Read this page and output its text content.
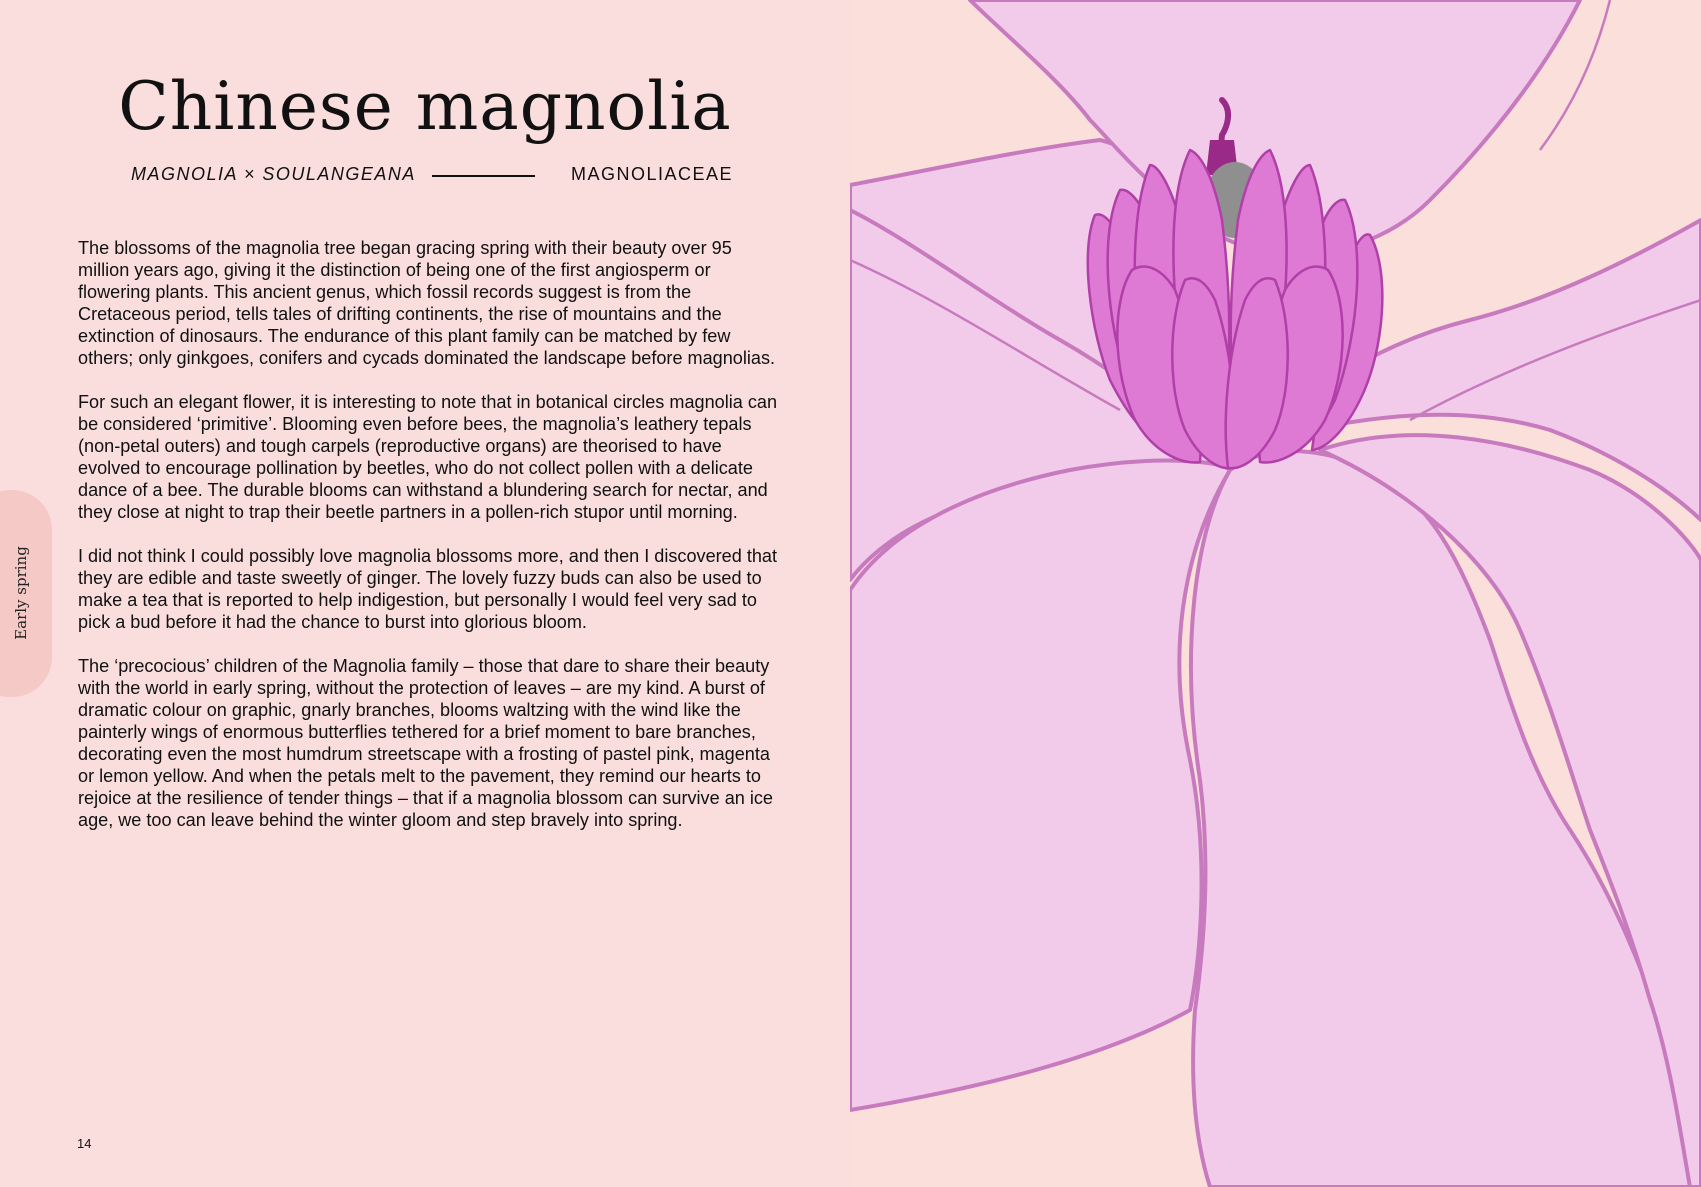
Chinese magnolia
MAGNOLIA × SOULANGEANA	MAGNOLIACEAE

The blossoms of the magnolia tree began gracing spring with their beauty over 95 million years ago, giving it the distinction of being one of the first angiosperm or flowering plants. This ancient genus, which fossil records suggest is from the Cretaceous period, tells tales of drifting continents, the rise of mountains and the extinction of dinosaurs. The endurance of this plant family can be matched by few others; only ginkgoes, conifers and cycads dominated the landscape before magnolias.

For such an elegant flower, it is interesting to note that in botanical circles magnolia can be considered ‘primitive’. Blooming even before bees, the magnolia’s leathery tepals (non-petal outers) and tough carpels (reproductive organs) are theorised to have evolved to encourage pollination by beetles, who do not collect pollen with a delicate dance of a bee. The durable blooms can withstand a blundering search for nectar, and they close at night to trap their beetle partners in a pollen-rich stupor until morning.

I did not think I could possibly love magnolia blossoms more, and then I discovered that they are edible and taste sweetly of ginger. The lovely fuzzy buds can also be used to make a tea that is reported to help indigestion, but personally I would feel very sad to pick a bud before it had the chance to burst into glorious bloom.

The ‘precocious’ children of the Magnolia family – those that dare to share their beauty with the world in early spring, without the protection of leaves – are my kind. A burst of dramatic colour on graphic, gnarly branches, blooms waltzing with the wind like the painterly wings of enormous butterflies tethered for a brief moment to bare branches, decorating even the most humdrum streetscape with a frosting of pastel pink, magenta or lemon yellow. And when the petals melt to the pavement, they remind our hearts to rejoice at the resilience of tender things – that if a magnolia blossom can survive an ice age, we too can leave behind the winter gloom and step bravely into spring.

Early spring
14
